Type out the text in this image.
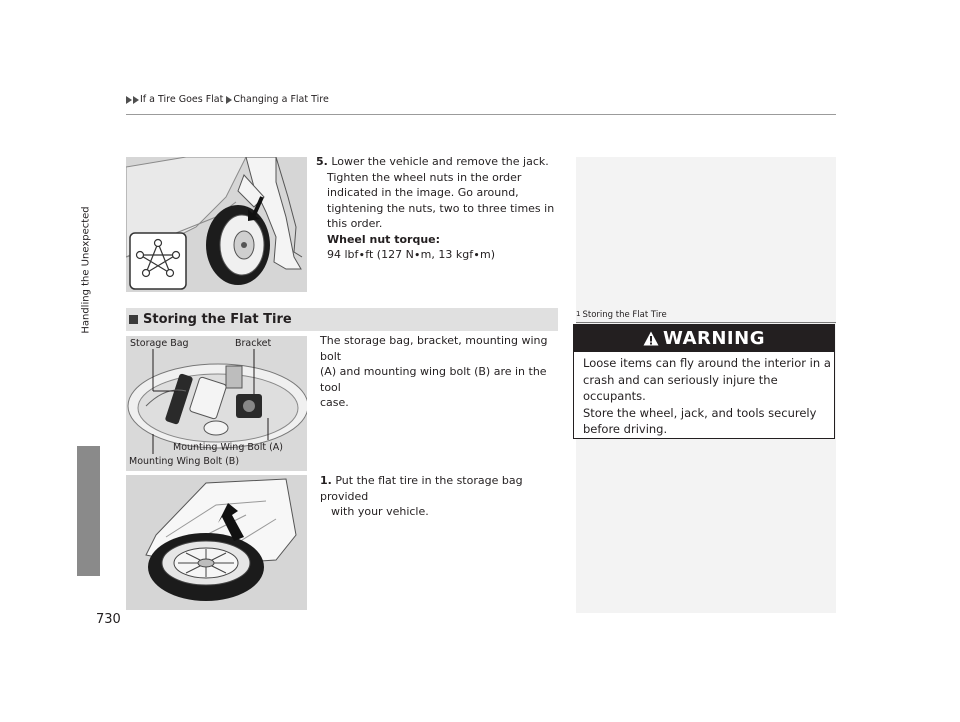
If a Tire Goes Flat Changing a Flat Tire
Handling the Unexpected
730
5. Lower the vehicle and remove the jack.
Tighten the wheel nuts in the order
indicated in the image. Go around,
tightening the nuts, two to three times in
this order.
Wheel nut torque:
94 lbf∙ft (127 N∙m, 13 kgf∙m)
Storing the Flat Tire	1 Storing the Flat Tire
WARNING
Loose items can fly around the interior in a
crash and can seriously injure the
occupants.
Store the wheel, jack, and tools securely
before driving.
Storage Bag	Bracket
Mounting Wing Bolt (A)
Mounting Wing Bolt (B)
The storage bag, bracket, mounting wing bolt
(A) and mounting wing bolt (B) are in the tool
case.
1. Put the flat tire in the storage bag provided
with your vehicle.
